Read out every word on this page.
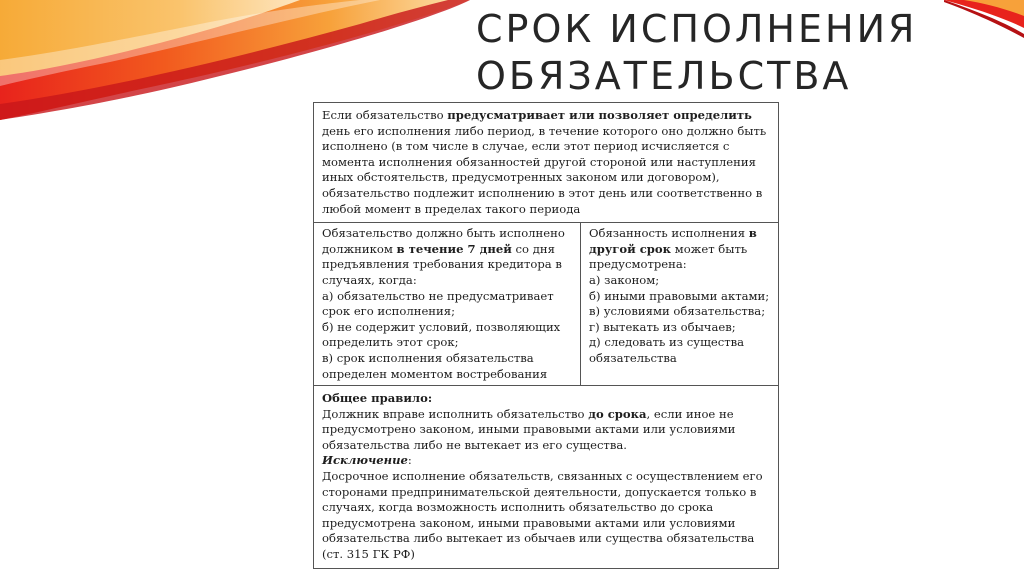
СРОК ИСПОЛНЕНИЯ
ОБЯЗАТЕЛЬСТВА
Если обязательство предусматривает или позволяет определить день его исполнения либо период, в течение которого оно должно быть исполнено (в том числе в случае, если этот период исчисляется с момента исполнения обязанностей другой стороной или наступления иных обстоятельств, предусмотренных законом или договором), обязательство подлежит исполнению в этот день или соответственно в любой момент в пределах такого периода
Обязательство должно быть исполнено должником в течение 7 дней со дня предъявления требования кредитора в случаях, когда:
а) обязательство не предусматривает срок его исполнения;
б) не содержит условий, позволяющих определить этот срок;
в) срок исполнения обязательства определен моментом востребования
Обязанность исполнения в другой срок может быть предусмотрена:
а) законом;
б) иными правовыми актами;
в) условиями обязательства;
г) вытекать из обычаев;
д) следовать из существа обязательства
Общее правило:
Должник вправе исполнить обязательство до срока, если иное не предусмотрено законом, иными правовыми актами или условиями обязательства либо не вытекает из его существа.
Исключение:
Досрочное исполнение обязательств, связанных с осуществлением его сторонами предпринимательской деятельности, допускается только в случаях, когда возможность исполнить обязательство до срока предусмотрена законом, иными правовыми актами или условиями обязательства либо вытекает из обычаев или существа обязательства (ст. 315 ГК РФ)
